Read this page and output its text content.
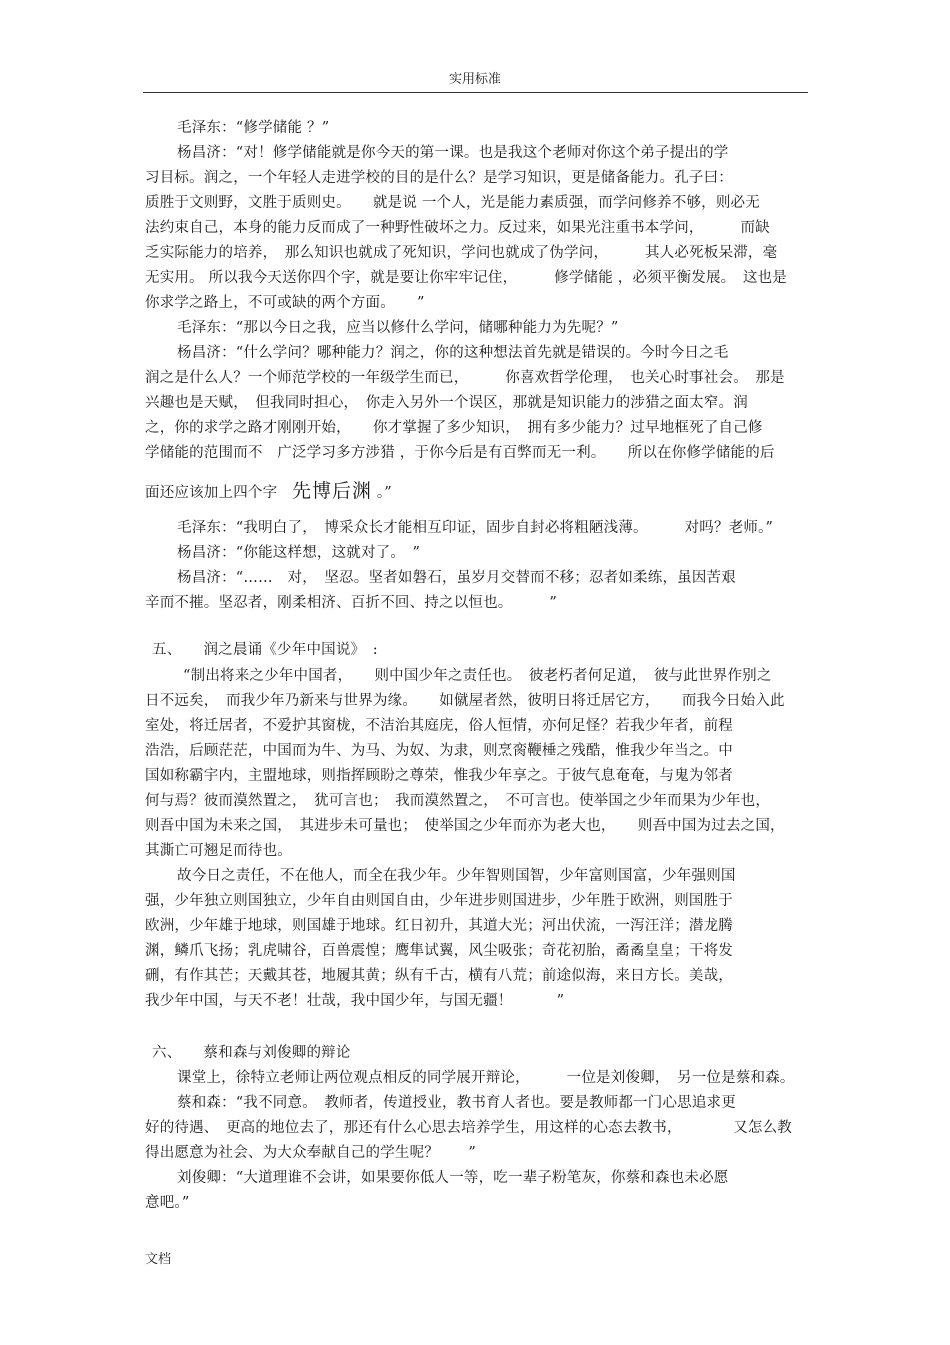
实用标准
毛泽东：“修学储能 ？”
杨昌济：“对！修学储能就是你今天的第一课。也是我这个老师对你这个弟子提出的学
习目标。润之，一个年轻人走进学校的目的是什么？是学习知识，更是储备能力。孔子曰：
质胜于文则野，文胜于质则史。　　就是说 一个人，光是能力素质强，而学问修养不够，则必无
法约束自己，本身的能力反而成了一种野性破坏之力。反过来，如果光注重书本学问，　　　而缺
乏实际能力的培养，　那么知识也就成了死知识，学问也就成了伪学问，　　　其人必死板呆滞，毫
无实用。 所以我今天送你四个字，就是要让你牢牢记住，　　　修学储能 ，必须平衡发展。　这也是
你求学之路上，不可或缺的两个方面。　　”
毛泽东：“那以今日之我，应当以修什么学问，储哪种能力为先呢？”
杨昌济：“什么学问？哪种能力？润之，你的这种想法首先就是错误的。今时今日之毛
润之是什么人？一个师范学校的一年级学生而已，　　　你喜欢哲学伦理，　也关心时事社会。　那是
兴趣也是天赋，　但我同时担心，　你走入另外一个误区，那就是知识能力的涉猎之面太窄。润
之，你的求学之路才刚刚开始，　　你才掌握了多少知识，　拥有多少能力？过早地框死了自己修
学储能的范围而不　广泛学习多方涉猎 ，于你今后是有百弊而无一利。　　所以在你修学储能的后
面还应该加上四个字　先博后渊 。”
毛泽东：“我明白了，　博采众长才能相互印证，固步自封必将粗陋浅薄。　　　对吗？老师。”
杨昌济：“你能这样想，这就对了。　”
杨昌济：“……　对，　坚忍。坚者如磐石，虽岁月交替而不移；忍者如柔练，虽因苦艰
辛而不摧。坚忍者，刚柔相济、百折不回、持之以恒也。　　　”
五、　　润之晨诵《少年中国说》　:
“制出将来之少年中国者，　　则中国少年之责任也。　彼老朽者何足道，　彼与此世界作别之
日不远矣，　而我少年乃新来与世界为缘。　　如僦屋者然，彼明日将迁居它方，　　而我今日始入此
室处，将迁居者，不爱护其窗栊，不洁治其庭庑，俗人恒情，亦何足怪？若我少年者，前程
浩浩，后顾茫茫，中国而为牛、为马、为奴、为隶，则烹脔鞭棰之残酷，惟我少年当之。中
国如称霸宇内，主盟地球，则指挥顾盼之尊荣，惟我少年享之。于彼气息奄奄，与鬼为邻者
何与焉？彼而漠然置之，　犹可言也；　我而漠然置之，　不可言也。使举国之少年而果为少年也，
则吾中国为未来之国，　其进步未可量也；　使举国之少年而亦为老大也，　　则吾中国为过去之国，
其澌亡可翘足而待也。
故今日之责任，不在他人，而全在我少年。少年智则国智，少年富则国富，少年强则国
强，少年独立则国独立，少年自由则国自由，少年进步则国进步，少年胜于欧洲，则国胜于
欧洲，少年雄于地球，则国雄于地球。红日初升，其道大光；河出伏流，一泻汪洋；潜龙腾
渊，鳞爪飞扬；乳虎啸谷，百兽震惶；鹰隼试翼，风尘吸张；奇花初胎，矞矞皇皇；干将发
硎，有作其芒；天戴其苍，地履其黄；纵有千古，横有八荒；前途似海，来日方长。美哉，
我少年中国，与天不老！壮哉，我中国少年，与国无疆！　　　”
六、　　蔡和森与刘俊卿的辩论
课堂上，徐特立老师让两位观点相反的同学展开辩论，　　　一位是刘俊卿，　另一位是蔡和森。
蔡和森：“我不同意。　教师者，传道授业，教书育人者也。要是教师都一门心思追求更
好的待遇、　更高的地位去了，那还有什么心思去培养学生，用这样的心态去教书，　　　　又怎么教
得出愿意为社会、为大众奉献自己的学生呢？　　”
刘俊卿：“大道理谁不会讲，如果要你低人一等，吃一辈子粉笔灰，你蔡和森也未必愿
意吧。”
文档
